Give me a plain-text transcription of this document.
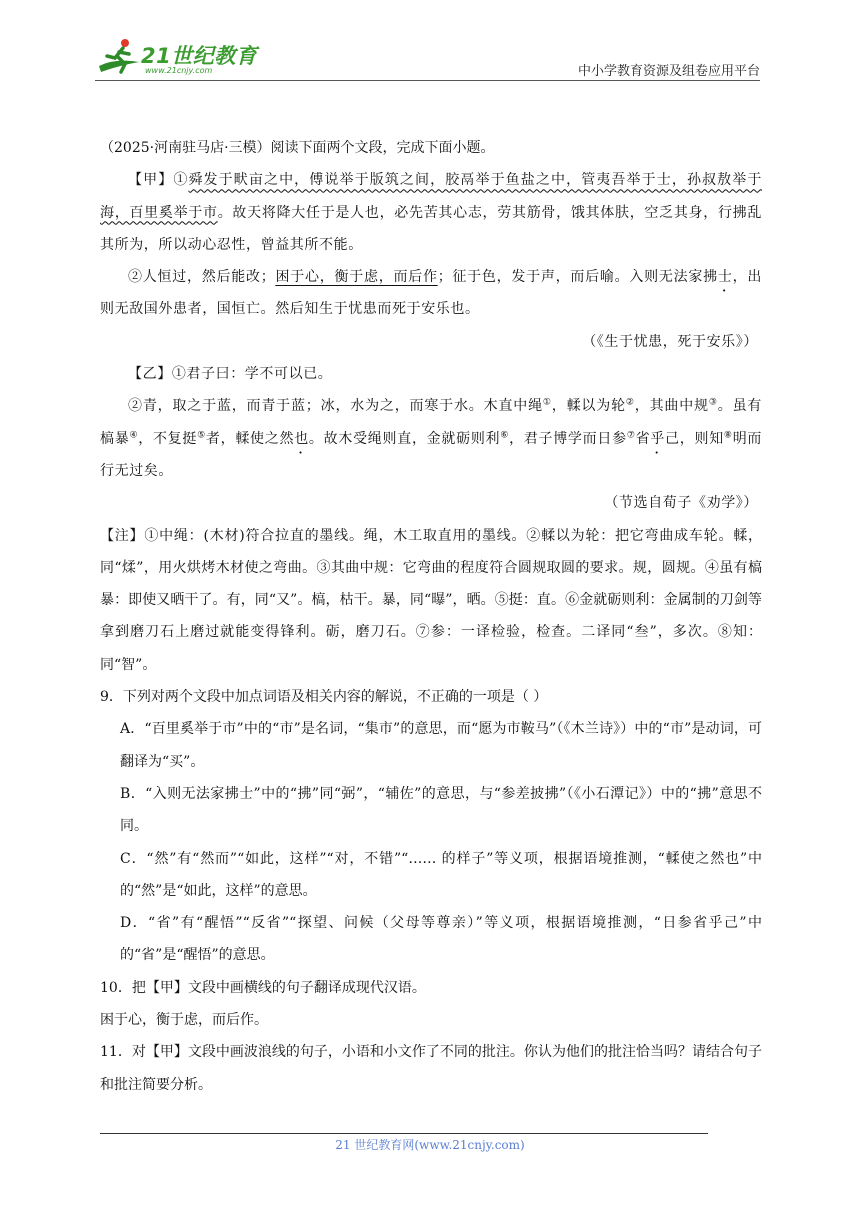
21世纪教育
www.21cnjy.com	中小学教育资源及组卷应用平台

（2025·河南驻马店·三模）阅读下面两个文段，完成下面小题。

【甲】①舜发于畎亩之中，傅说举于版筑之间，胶鬲举于鱼盐之中，管夷吾举于士，孙叔敖举于海，百里奚举于市。故天将降大任于是人也，必先苦其心志，劳其筋骨，饿其体肤，空乏其身，行拂乱其所为，所以动心忍性，曾益其所不能。

②人恒过，然后能改；困于心，衡于虑，而后作；征于色，发于声，而后喻。入则无法家拂士，出则无敌国外患者，国恒亡。然后知生于忧患而死于安乐也。

（《生于忧患，死于安乐》）

【乙】①君子曰：学不可以已。

②青，取之于蓝，而青于蓝；冰，水为之，而寒于水。木直中绳①，輮以为轮②，其曲中规③。虽有槁暴④，不复挺⑤者，輮使之然也。故木受绳则直，金就砺则利⑥，君子博学而日参⑦省乎己，则知⑧明而行无过矣。

（节选自荀子《劝学》）

【注】①中绳：(木材)符合拉直的墨线。绳，木工取直用的墨线。②輮以为轮：把它弯曲成车轮。輮，同“煣”，用火烘烤木材使之弯曲。③其曲中规：它弯曲的程度符合圆规取圆的要求。规，圆规。④虽有槁暴：即使又晒干了。有，同“又”。槁，枯干。暴，同“曝”，晒。⑤挺：直。⑥金就砺则利：金属制的刀剑等拿到磨刀石上磨过就能变得锋利。砺，磨刀石。⑦参：一译检验，检查。二译同“叁”，多次。⑧知：同“智”。

9．下列对两个文段中加点词语及相关内容的解说，不正确的一项是（ ）

A．“百里奚举于市”中的“市”是名词，“集市”的意思，而“愿为市鞍马”（《木兰诗》）中的“市”是动词，可翻译为“买”。

B．“入则无法家拂士”中的“拂”同“弼”，“辅佐”的意思，与“参差披拂”（《小石潭记》）中的“拂”意思不同。

C．“然”有“然而”“如此，这样”“对，不错”“…… 的样子”等义项，根据语境推测，“輮使之然也”中的“然”是“如此，这样”的意思。

D．“省”有“醒悟”“反省”“探望、问候（父母等尊亲）”等义项，根据语境推测，“日参省乎己”中的“省”是“醒悟”的意思。

10．把【甲】文段中画横线的句子翻译成现代汉语。

困于心，衡于虑，而后作。

11．对【甲】文段中画波浪线的句子，小语和小文作了不同的批注。你认为他们的批注恰当吗？请结合句子和批注简要分析。

21 世纪教育网(www.21cnjy.com)
